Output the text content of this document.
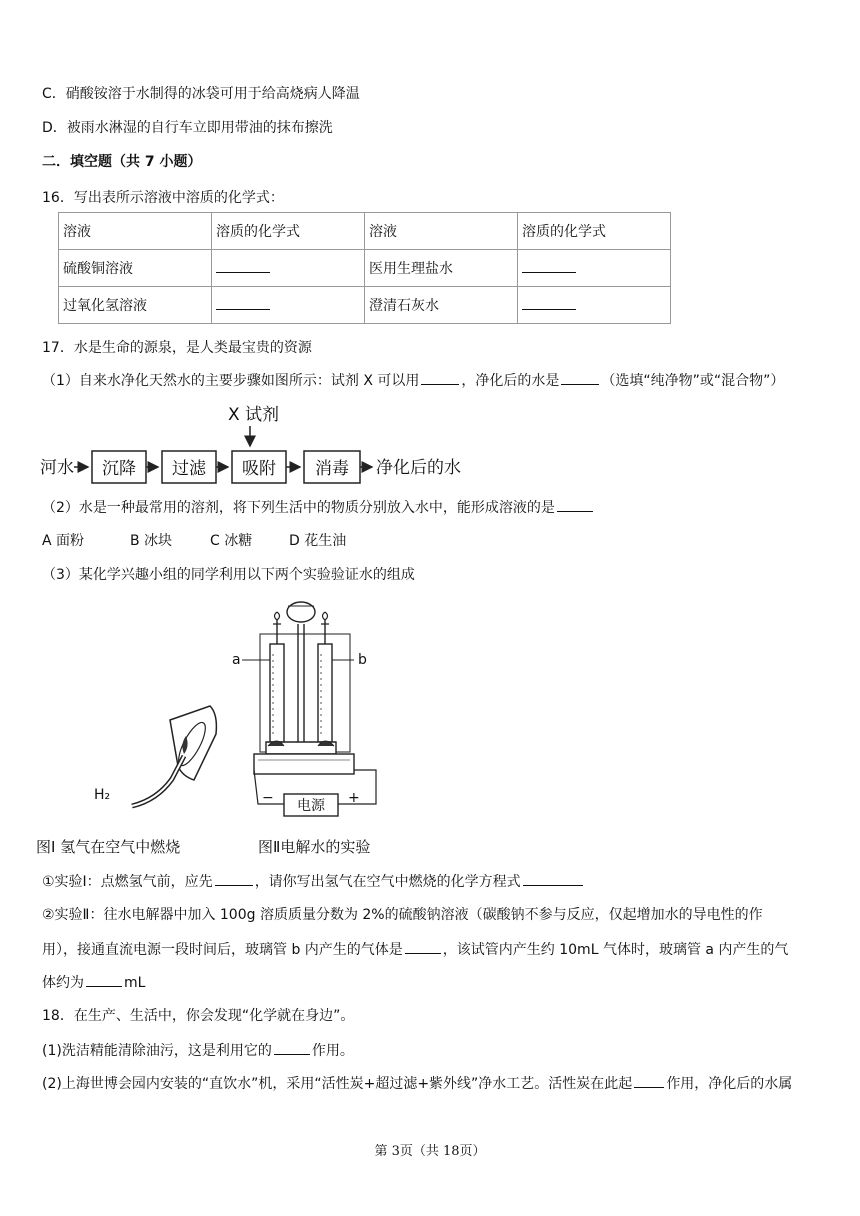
C．硝酸铵溶于水制得的冰袋可用于给高烧病人降温
D．被雨水淋湿的自行车立即用带油的抹布擦洗
二．填空题（共 7 小题）
16．写出表所示溶液中溶质的化学式：
溶液	溶质的化学式	溶液	溶质的化学式
硫酸铜溶液		医用生理盐水	
过氧化氢溶液		澄清石灰水	
17．水是生命的源泉，是人类最宝贵的资源
（1）自来水净化天然水的主要步骤如图所示：试剂 X 可以用	，净化后的水是	（选填“纯净物”或“混合物”）
X 试剂
河水 沉降 过滤 吸附 消毒 净化后的水
（2）水是一种最常用的溶剂，将下列生活中的物质分别放入水中，能形成溶液的是
A 面粉	B 冰块	C 冰糖	D 花生油
（3）某化学兴趣小组的同学利用以下两个实验验证水的组成
H₂
a	b
电源
−	+
图Ⅰ 氢气在空气中燃烧	图Ⅱ电解水的实验
①实验Ⅰ：点燃氢气前，应先	，请你写出氢气在空气中燃烧的化学方程式
②实验Ⅱ：往水电解器中加入 100g 溶质质量分数为 2%的硫酸钠溶液（碳酸钠不参与反应，仅起增加水的导电性的作
用），接通直流电源一段时间后，玻璃管 b 内产生的气体是	，该试管内产生约 10mL 气体时，玻璃管 a 内产生的气
体约为	mL
18．在生产、生活中，你会发现“化学就在身边”。
(1)洗洁精能清除油污，这是利用它的	作用。
(2)上海世博会园内安装的“直饮水”机，采用“活性炭+超过滤+紫外线”净水工艺。活性炭在此起 作用，净化后的水属
第 3页（共 18页）
